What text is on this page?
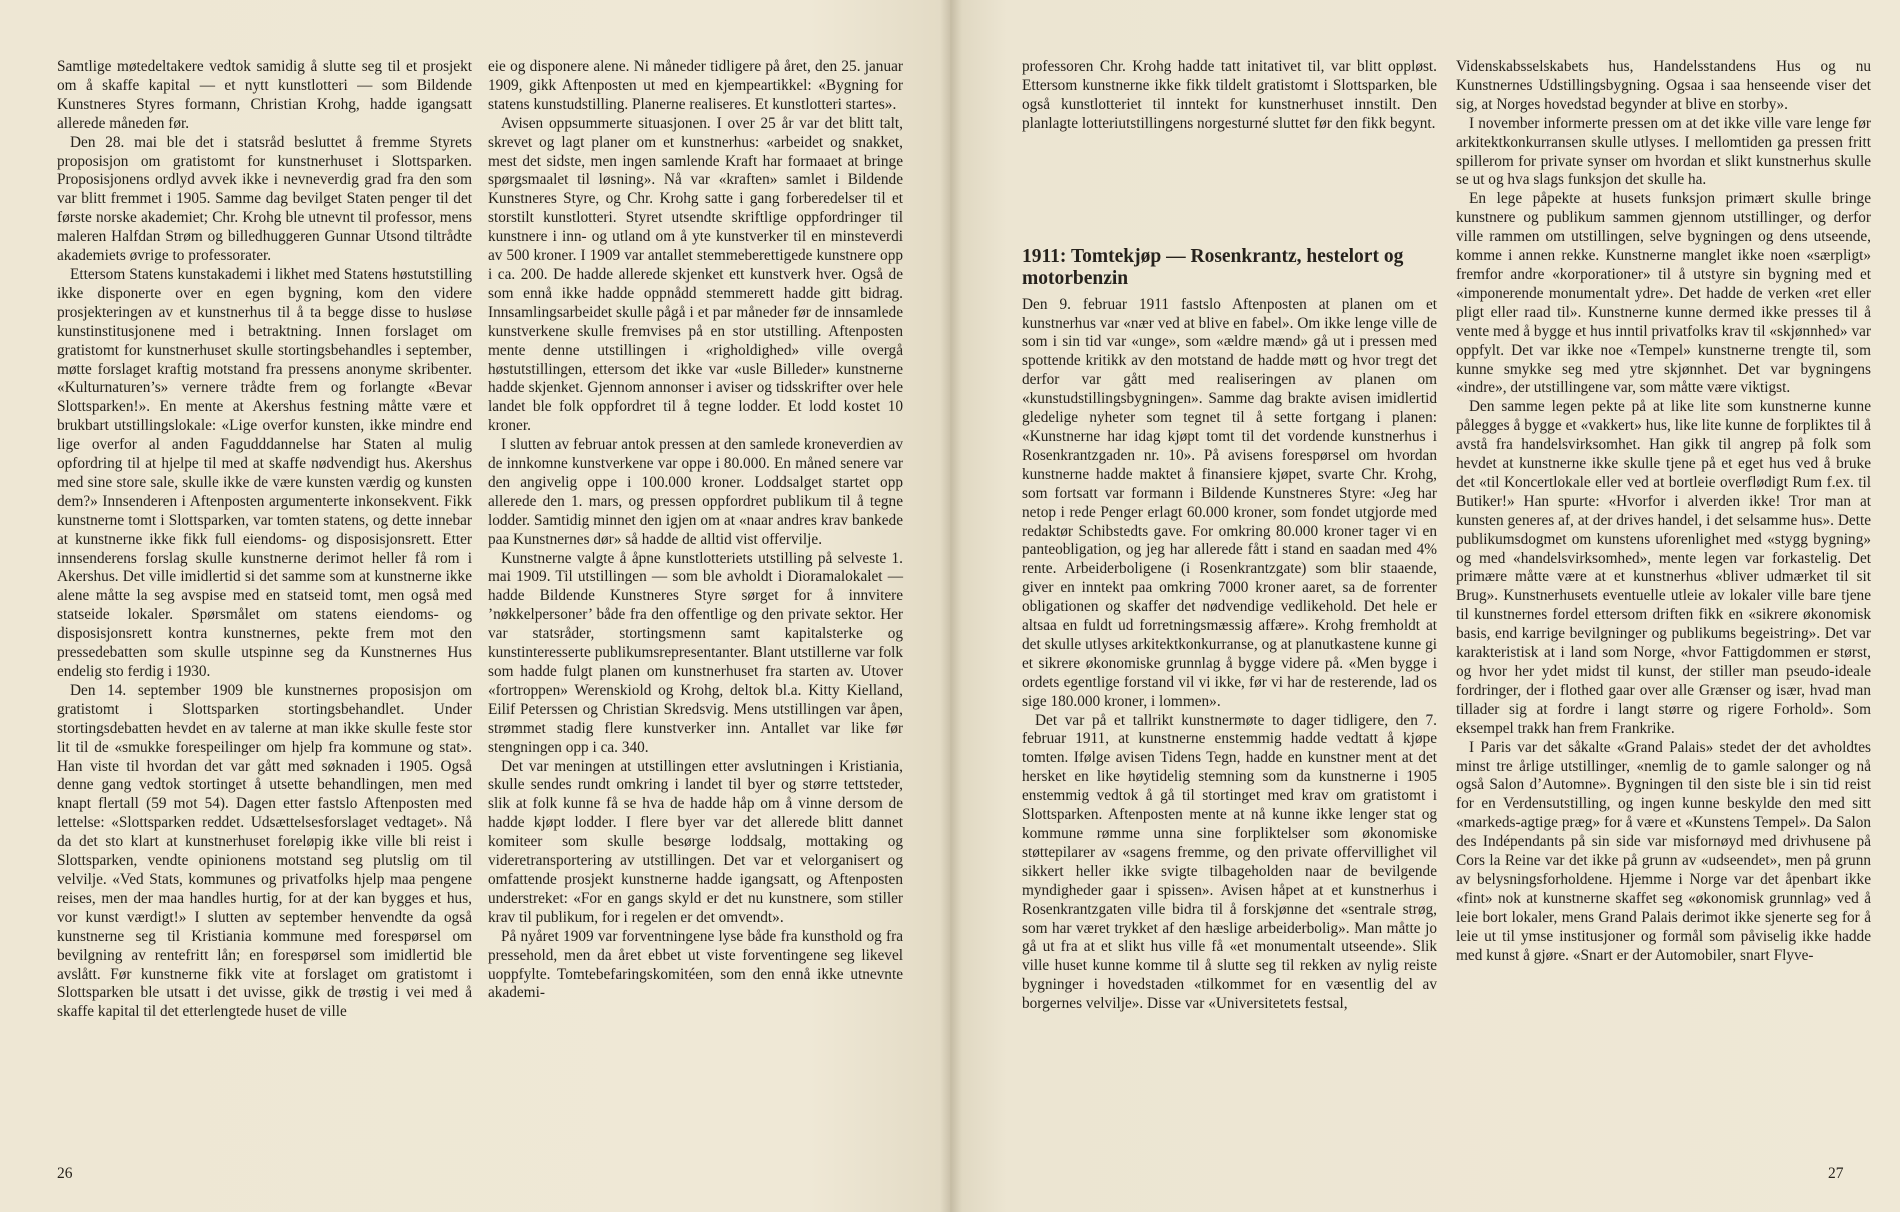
Samtlige møtedeltakere vedtok samidig å slutte seg til et prosjekt om å skaffe kapital — et nytt kunstlotteri — som Bildende Kunstneres Styres formann, Christian Krohg, hadde igangsatt allerede måneden før.

Den 28. mai ble det i statsråd besluttet å fremme Styrets proposisjon om gratistomt for kunstnerhuset i Slottsparken. Proposisjonens ordlyd avvek ikke i nevneverdig grad fra den som var blitt fremmet i 1905. Samme dag bevilget Staten penger til det første norske akademiet; Chr. Krohg ble utnevnt til professor, mens maleren Halfdan Strøm og billedhuggeren Gunnar Utsond tiltrådte akademiets øvrige to professorater.

Ettersom Statens kunstakademi i likhet med Statens høstutstilling ikke disponerte over en egen bygning, kom den videre prosjekteringen av et kunstnerhus til å ta begge disse to husløse kunstinstitusjonene med i betraktning. Innen forslaget om gratistomt for kunstnerhuset skulle stortingsbehandles i september, møtte forslaget kraftig motstand fra pressens anonyme skribenter. «Kulturnaturen’s» vernere trådte frem og forlangte «Bevar Slottsparken!». En mente at Akershus festning måtte være et brukbart utstillingslokale: «Lige overfor kunsten, ikke mindre end lige overfor al anden Fagudddannelse har Staten al mulig opfordring til at hjelpe til med at skaffe nødvendigt hus. Akershus med sine store sale, skulle ikke de være kunsten værdig og kunsten dem?» Innsenderen i Aftenposten argumenterte inkonsekvent. Fikk kunstnerne tomt i Slottsparken, var tomten statens, og dette innebar at kunstnerne ikke fikk full eiendoms- og disposisjonsrett. Etter innsenderens forslag skulle kunstnerne derimot heller få rom i Akershus. Det ville imidlertid si det samme som at kunstnerne ikke alene måtte la seg avspise med en statseid tomt, men også med statseide lokaler. Spørsmålet om statens eiendoms- og disposisjonsrett kontra kunstnernes, pekte frem mot den pressedebatten som skulle utspinne seg da Kunstnernes Hus endelig sto ferdig i 1930.

Den 14. september 1909 ble kunstnernes proposisjon om gratistomt i Slottsparken stortingsbehandlet. Under stortingsdebatten hevdet en av talerne at man ikke skulle feste stor lit til de «smukke forespeilinger om hjelp fra kommune og stat». Han viste til hvordan det var gått med søknaden i 1905. Også denne gang vedtok stortinget å utsette behandlingen, men med knapt flertall (59 mot 54). Dagen etter fastslo Aftenposten med lettelse: «Slottsparken reddet. Udsættelsesforslaget vedtaget». Nå da det sto klart at kunstnerhuset foreløpig ikke ville bli reist i Slottsparken, vendte opinionens motstand seg plutslig om til velvilje. «Ved Stats, kommunes og privatfolks hjelp maa pengene reises, men der maa handles hurtig, for at der kan bygges et hus, vor kunst værdigt!» I slutten av september henvendte da også kunstnerne seg til Kristiania kommune med forespørsel om bevilgning av rentefritt lån; en forespørsel som imidlertid ble avslått. Før kunstnerne fikk vite at forslaget om gratistomt i Slottsparken ble utsatt i det uvisse, gikk de trøstig i vei med å skaffe kapital til det etterlengtede huset de ville

eie og disponere alene. Ni måneder tidligere på året, den 25. januar 1909, gikk Aftenposten ut med en kjempeartikkel: «Bygning for statens kunstudstilling. Planerne realiseres. Et kunstlotteri startes».

Avisen oppsummerte situasjonen. I over 25 år var det blitt talt, skrevet og lagt planer om et kunstnerhus: «arbeidet og snakket, mest det sidste, men ingen samlende Kraft har formaaet at bringe spørgsmaalet til løsning». Nå var «kraften» samlet i Bildende Kunstneres Styre, og Chr. Krohg satte i gang forberedelser til et storstilt kunstlotteri. Styret utsendte skriftlige oppfordringer til kunstnere i inn- og utland om å yte kunstverker til en minsteverdi av 500 kroner. I 1909 var antallet stemmeberettigede kunstnere opp i ca. 200. De hadde allerede skjenket ett kunstverk hver. Også de som ennå ikke hadde oppnådd stemmerett hadde gitt bidrag. Innsamlingsarbeidet skulle pågå i et par måneder før de innsamlede kunstverkene skulle fremvises på en stor utstilling. Aftenposten mente denne utstillingen i «righoldighed» ville overgå høstutstillingen, ettersom det ikke var «usle Billeder» kunstnerne hadde skjenket. Gjennom annonser i aviser og tidsskrifter over hele landet ble folk oppfordret til å tegne lodder. Et lodd kostet 10 kroner.

I slutten av februar antok pressen at den samlede kroneverdien av de innkomne kunstverkene var oppe i 80.000. En måned senere var den angivelig oppe i 100.000 kroner. Loddsalget startet opp allerede den 1. mars, og pressen oppfordret publikum til å tegne lodder. Samtidig minnet den igjen om at «naar andres krav bankede paa Kunstnernes dør» så hadde de alltid vist offervilje.

Kunstnerne valgte å åpne kunstlotteriets utstilling på selveste 1. mai 1909. Til utstillingen — som ble avholdt i Dioramalokalet — hadde Bildende Kunstneres Styre sørget for å innvitere ’nøkkelpersoner’ både fra den offentlige og den private sektor. Her var statsråder, stortingsmenn samt kapitalsterke og kunstinteresserte publikumsrepresentanter. Blant utstillerne var folk som hadde fulgt planen om kunstnerhuset fra starten av. Utover «fortroppen» Werenskiold og Krohg, deltok bl.a. Kitty Kielland, Eilif Peterssen og Christian Skredsvig. Mens utstillingen var åpen, strømmet stadig flere kunstverker inn. Antallet var like før stengningen opp i ca. 340.

Det var meningen at utstillingen etter avslutningen i Kristiania, skulle sendes rundt omkring i landet til byer og større tettsteder, slik at folk kunne få se hva de hadde håp om å vinne dersom de hadde kjøpt lodder. I flere byer var det allerede blitt dannet komiteer som skulle besørge loddsalg, mottaking og videretransportering av utstillingen. Det var et velorganisert og omfattende prosjekt kunstnerne hadde igangsatt, og Aftenposten understreket: «For en gangs skyld er det nu kunstnere, som stiller krav til publikum, for i regelen er det omvendt».

På nyåret 1909 var forventningene lyse både fra kunsthold og fra pressehold, men da året ebbet ut viste forventingene seg likevel uoppfylte. Tomtebefaringskomitéen, som den ennå ikke utnevnte akademi-

26	27

professoren Chr. Krohg hadde tatt initativet til, var blitt oppløst. Ettersom kunstnerne ikke fikk tildelt gratistomt i Slottsparken, ble også kunstlotteriet til inntekt for kunstnerhuset innstilt. Den planlagte lotteriutstillingens norgesturné sluttet før den fikk begynt.

1911: Tomtekjøp — Rosenkrantz, hestelort og motorbenzin

Den 9. februar 1911 fastslo Aftenposten at planen om et kunstnerhus var «nær ved at blive en fabel». Om ikke lenge ville de som i sin tid var «unge», som «ældre mænd» gå ut i pressen med spottende kritikk av den motstand de hadde møtt og hvor tregt det derfor var gått med realiseringen av planen om «kunstudstillingsbygningen». Samme dag brakte avisen imidlertid gledelige nyheter som tegnet til å sette fortgang i planen: «Kunstnerne har idag kjøpt tomt til det vordende kunstnerhus i Rosenkrantzgaden nr. 10». På avisens forespørsel om hvordan kunstnerne hadde maktet å finansiere kjøpet, svarte Chr. Krohg, som fortsatt var formann i Bildende Kunstneres Styre: «Jeg har netop i rede Penger erlagt 60.000 kroner, som fondet utgjorde med redaktør Schibstedts gave. For omkring 80.000 kroner tager vi en panteobligation, og jeg har allerede fått i stand en saadan med 4% rente. Arbeiderboligene (i Rosenkrantzgate) som blir staaende, giver en inntekt paa omkring 7000 kroner aaret, sa de forrenter obligationen og skaffer det nødvendige vedlikehold. Det hele er altsaa en fuldt ud forretningsmæssig affære». Krohg fremholdt at det skulle utlyses arkitektkonkurranse, og at planutkastene kunne gi et sikrere økonomiske grunnlag å bygge videre på. «Men bygge i ordets egentlige forstand vil vi ikke, før vi har de resterende, lad os sige 180.000 kroner, i lommen».

Det var på et tallrikt kunstnermøte to dager tidligere, den 7. februar 1911, at kunstnerne enstemmig hadde vedtatt å kjøpe tomten. Ifølge avisen Tidens Tegn, hadde en kunstner ment at det hersket en like høytidelig stemning som da kunstnerne i 1905 enstemmig vedtok å gå til stortinget med krav om gratistomt i Slottsparken. Aftenposten mente at nå kunne ikke lenger stat og kommune rømme unna sine forpliktelser som økonomiske støttepilarer av «sagens fremme, og den private offervillighet vil sikkert heller ikke svigte tilbageholden naar de bevilgende myndigheder gaar i spissen». Avisen håpet at et kunstnerhus i Rosenkrantzgaten ville bidra til å forskjønne det «sentrale strøg, som har været trykket af den hæslige arbeiderbolig». Man måtte jo gå ut fra at et slikt hus ville få «et monumentalt utseende». Slik ville huset kunne komme til å slutte seg til rekken av nylig reiste bygninger i hovedstaden «tilkommet for en væsentlig del av borgernes velvilje». Disse var «Universitetets festsal,

Videnskabsselskabets hus, Handelsstandens Hus og nu Kunstnernes Udstillingsbygning. Ogsaa i saa henseende viser det sig, at Norges hovedstad begynder at blive en storby».

I november informerte pressen om at det ikke ville vare lenge før arkitektkonkurransen skulle utlyses. I mellomtiden ga pressen fritt spillerom for private synser om hvordan et slikt kunstnerhus skulle se ut og hva slags funksjon det skulle ha.

En lege påpekte at husets funksjon primært skulle bringe kunstnere og publikum sammen gjennom utstillinger, og derfor ville rammen om utstillingen, selve bygningen og dens utseende, komme i annen rekke. Kunstnerne manglet ikke noen «særpligt» fremfor andre «korporationer» til å utstyre sin bygning med et «imponerende monumentalt ydre». Det hadde de verken «ret eller pligt eller raad til». Kunstnerne kunne dermed ikke presses til å vente med å bygge et hus inntil privatfolks krav til «skjønnhed» var oppfylt. Det var ikke noe «Tempel» kunstnerne trengte til, som kunne smykke seg med ytre skjønnhet. Det var bygningens «indre», der utstillingene var, som måtte være viktigst.

Den samme legen pekte på at like lite som kunstnerne kunne pålegges å bygge et «vakkert» hus, like lite kunne de forpliktes til å avstå fra handelsvirksomhet. Han gikk til angrep på folk som hevdet at kunstnerne ikke skulle tjene på et eget hus ved å bruke det «til Koncertlokale eller ved at bortleie overflødigt Rum f.ex. til Butiker!» Han spurte: «Hvorfor i alverden ikke! Tror man at kunsten generes af, at der drives handel, i det selsamme hus». Dette publikumsdogmet om kunstens uforenlighet med «stygg bygning» og med «handelsvirksomhed», mente legen var forkastelig. Det primære måtte være at et kunstnerhus «bliver udmærket til sit Brug». Kunstnerhusets eventuelle utleie av lokaler ville bare tjene til kunstnernes fordel ettersom driften fikk en «sikrere økonomisk basis, end karrige bevilgninger og publikums begeistring». Det var karakteristisk at i land som Norge, «hvor Fattigdommen er størst, og hvor her ydet midst til kunst, der stiller man pseudo-ideale fordringer, der i flothed gaar over alle Grænser og især, hvad man tillader sig at fordre i langt større og rigere Forhold». Som eksempel trakk han frem Frankrike.

I Paris var det såkalte «Grand Palais» stedet der det avholdtes minst tre årlige utstillinger, «nemlig de to gamle salonger og nå også Salon d’Automne». Bygningen til den siste ble i sin tid reist for en Verdensutstilling, og ingen kunne beskylde den med sitt «markeds-agtige præg» for å være et «Kunstens Tempel». Da Salon des Indépendants på sin side var misfornøyd med drivhusene på Cors la Reine var det ikke på grunn av «udseendet», men på grunn av belysningsforholdene. Hjemme i Norge var det åpenbart ikke «fint» nok at kunstnerne skaffet seg «økonomisk grunnlag» ved å leie bort lokaler, mens Grand Palais derimot ikke sjenerte seg for å leie ut til ymse institusjoner og formål som påviselig ikke hadde med kunst å gjøre. «Snart er der Automobiler, snart Flyve-
